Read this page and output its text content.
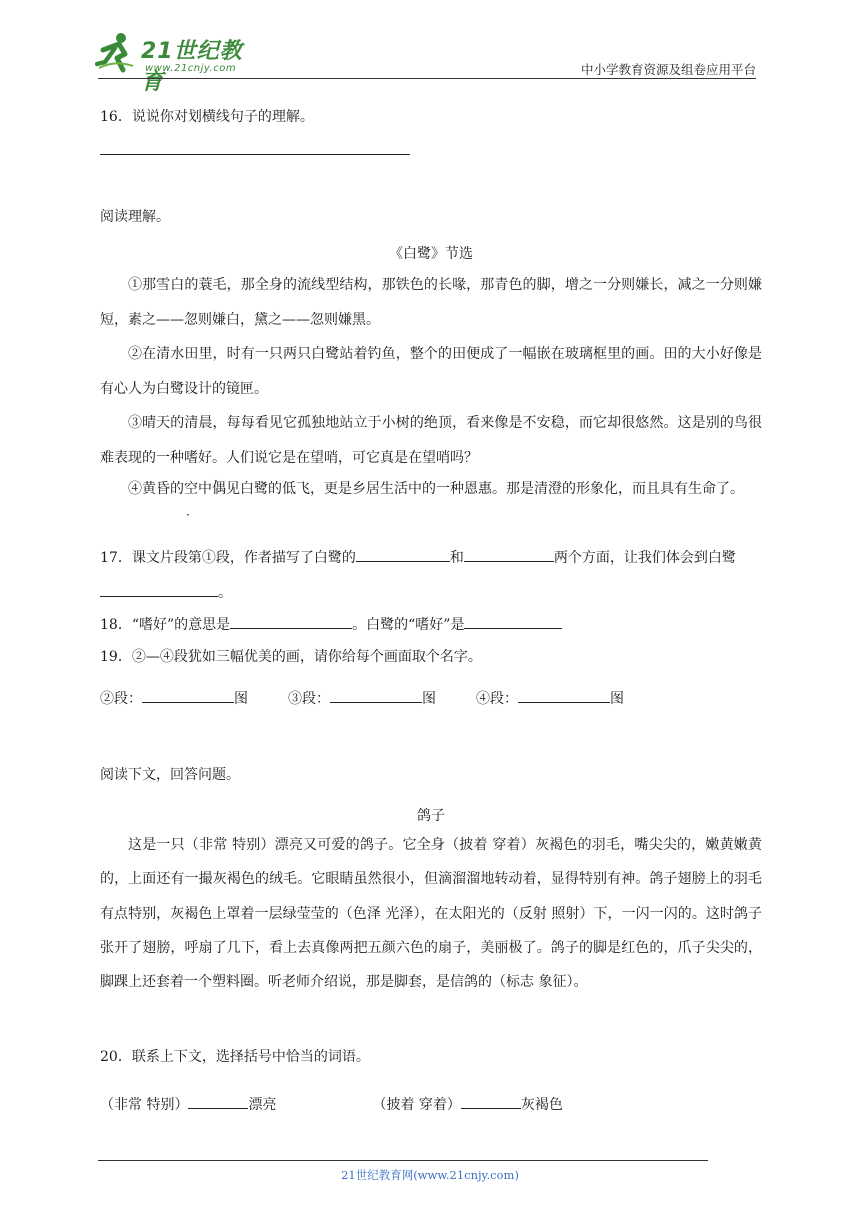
21世纪教育
www.21cnjy.com	中小学教育资源及组卷应用平台
16．说说你对划横线句子的理解。
阅读理解。
《白鹭》节选
①那雪白的蓑毛，那全身的流线型结构，那铁色的长喙，那青色的脚，增之一分则嫌长，减之一分则嫌短，素之——忽则嫌白，黛之——忽则嫌黑。
②在清水田里，时有一只两只白鹭站着钓鱼，整个的田便成了一幅嵌在玻璃框里的画。田的大小好像是有心人为白鹭设计的镜匣。
③晴天的清晨，每每看见它孤独地站立于小树的绝顶，看来像是不安稳，而它却很悠然。这是别的鸟很难表现的一种嗜好 · ·。人们说它是在望哨，可它真是在望哨吗？
④黄昏的空中偶见白鹭的低飞，更是乡居生活中的一种恩惠。那是清澄的形象化，而且具有生命了。
17．课文片段第①段，作者描写了白鹭的	和	两个方面，让我们体会到白鹭
。
18．“嗜好”的意思是	。白鹭的“嗜好”是
19．②—④段犹如三幅优美的画，请你给每个画面取个名字。
②段：	图	③段：	图	④段：	图
阅读下文，回答问题。
鸽子
这是一只（非常 特别）漂亮又可爱的鸽子。它全身（披着 穿着）灰褐色的羽毛，嘴尖尖的，嫩黄嫩黄的，上面还有一撮灰褐色的绒毛。它眼睛虽然很小，但滴溜溜地转动着，显得特别有神。鸽子翅膀上的羽毛有点特别，灰褐色上罩着一层绿莹莹的（色泽 光泽），在太阳光的（反射 照射）下，一闪一闪的。这时鸽子张开了翅膀，呼扇了几下，看上去真像两把五颜六色的扇子，美丽极了。鸽子的脚是红色的，爪子尖尖的，脚踝上还套着一个塑料圈。听老师介绍说，那是脚套，是信鸽的（标志 象征）。
20．联系上下文，选择括号中恰当的词语。
（非常 特别）	漂亮	（披着 穿着）	灰褐色
21世纪教育网(www.21cnjy.com)
